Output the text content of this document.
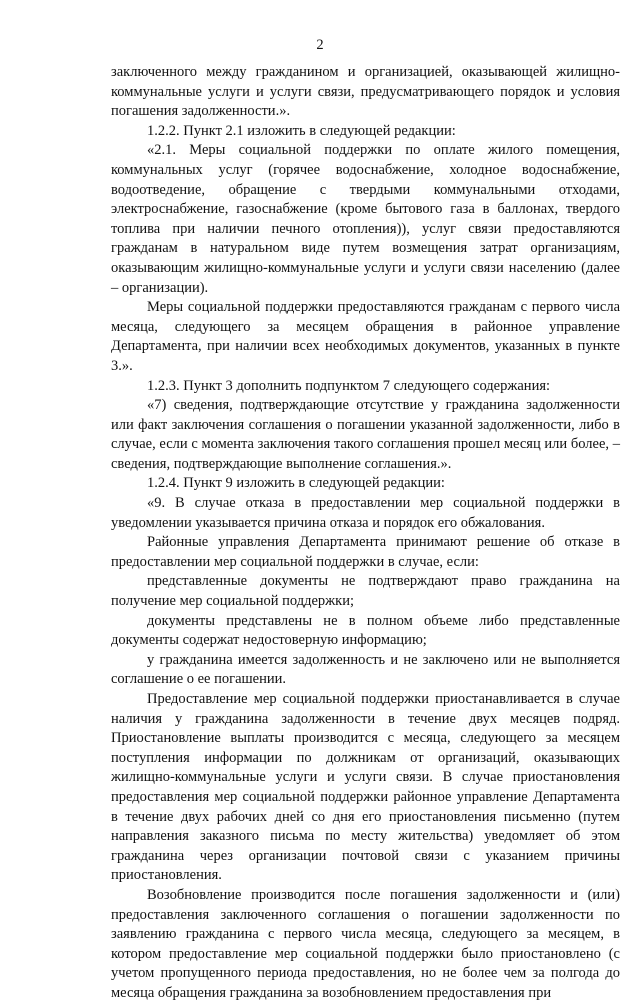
2

заключенного между гражданином и организацией, оказывающей жилищно-коммунальные услуги и услуги связи, предусматривающего порядок и условия погашения задолженности.».

1.2.2. Пункт 2.1 изложить в следующей редакции:

«2.1. Меры социальной поддержки по оплате жилого помещения, коммунальных услуг (горячее водоснабжение, холодное водоснабжение, водоотведение, обращение с твердыми коммунальными отходами, электроснабжение, газоснабжение (кроме бытового газа в баллонах, твердого топлива при наличии печного отопления)), услуг связи предоставляются гражданам в натуральном виде путем возмещения затрат организациям, оказывающим жилищно-коммунальные услуги и услуги связи населению (далее – организации).

Меры социальной поддержки предоставляются гражданам с первого числа месяца, следующего за месяцем обращения в районное управление Департамента, при наличии всех необходимых документов, указанных в пункте 3.».

1.2.3. Пункт 3 дополнить подпунктом 7 следующего содержания:

«7) сведения, подтверждающие отсутствие у гражданина задолженности или факт заключения соглашения о погашении указанной задолженности, либо в случае, если с момента заключения такого соглашения прошел месяц или более, – сведения, подтверждающие выполнение соглашения.».

1.2.4. Пункт 9 изложить в следующей редакции:

«9. В случае отказа в предоставлении мер социальной поддержки в уведомлении указывается причина отказа и порядок его обжалования.

Районные управления Департамента принимают решение об отказе в предоставлении мер социальной поддержки в случае, если:

представленные документы не подтверждают право гражданина на получение мер социальной поддержки;

документы представлены не в полном объеме либо представленные документы содержат недостоверную информацию;

у гражданина имеется задолженность и не заключено или не выполняется соглашение о ее погашении.

Предоставление мер социальной поддержки приостанавливается в случае наличия у гражданина задолженности в течение двух месяцев подряд. Приостановление выплаты производится с месяца, следующего за месяцем поступления информации по должникам от организаций, оказывающих жилищно-коммунальные услуги и услуги связи. В случае приостановления предоставления мер социальной поддержки районное управление Департамента в течение двух рабочих дней со дня его приостановления письменно (путем направления заказного письма по месту жительства) уведомляет об этом гражданина через организации почтовой связи с указанием причины приостановления.

Возобновление производится после погашения задолженности и (или) предоставления заключенного соглашения о погашении задолженности по заявлению гражданина с первого числа месяца, следующего за месяцем, в котором предоставление мер социальной поддержки было приостановлено (с учетом пропущенного периода предоставления, но не более чем за полгода до месяца обращения гражданина за возобновлением предоставления при
